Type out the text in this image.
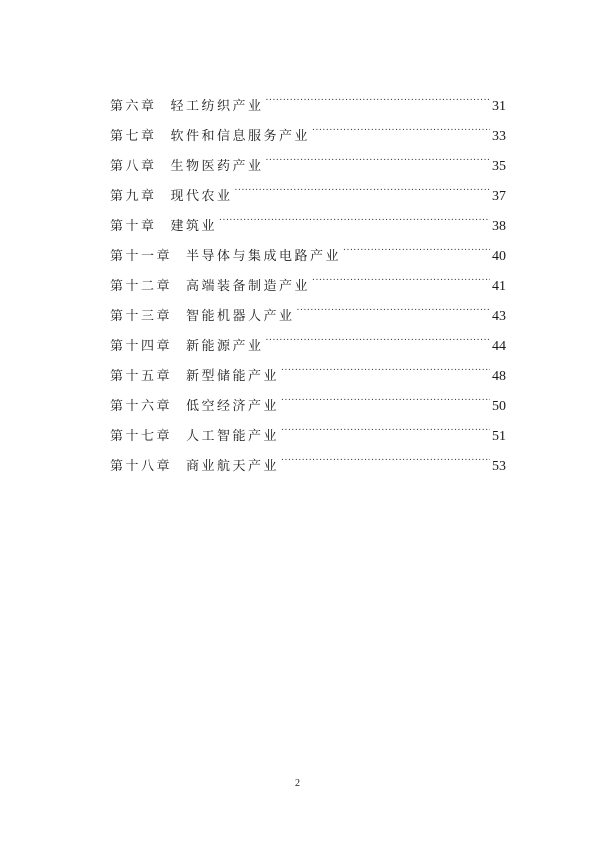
第六章 轻工纺织产业 .....	31
第七章 软件和信息服务产业 .....	33
第八章 生物医药产业 .....	35
第九章 现代农业 .....	37
第十章 建筑业 .....	38
第十一章 半导体与集成电路产业 .....	40
第十二章 高端装备制造产业 .....	41
第十三章 智能机器人产业 .....	43
第十四章 新能源产业 .....	44
第十五章 新型储能产业 .....	48
第十六章 低空经济产业 .....	50
第十七章 人工智能产业 .....	51
第十八章 商业航天产业 .....	53
2
